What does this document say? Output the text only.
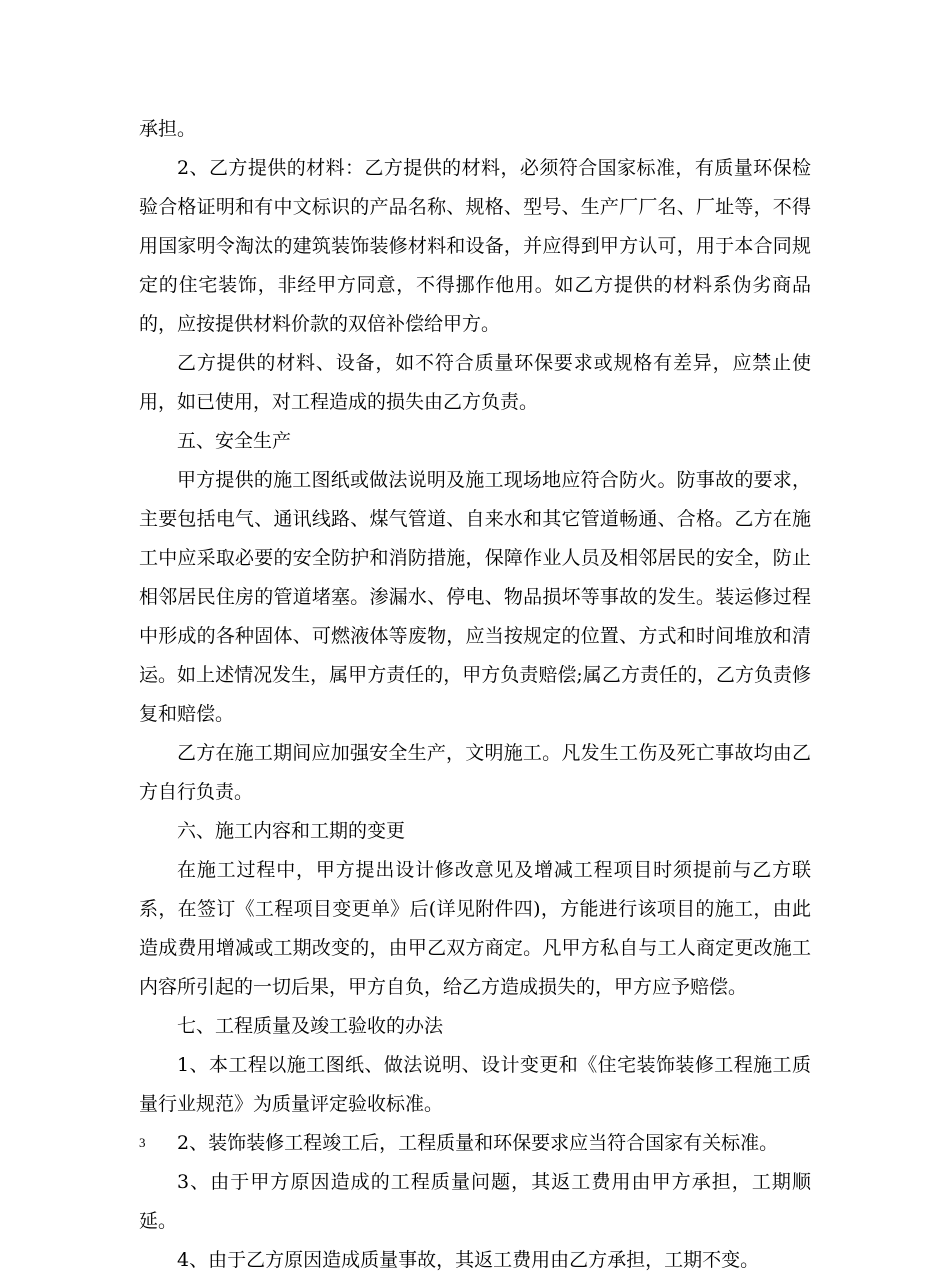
承担。

2、乙方提供的材料：乙方提供的材料，必须符合国家标准，有质量环保检验合格证明和有中文标识的产品名称、规格、型号、生产厂厂名、厂址等，不得用国家明令淘汰的建筑装饰装修材料和设备，并应得到甲方认可，用于本合同规定的住宅装饰，非经甲方同意，不得挪作他用。如乙方提供的材料系伪劣商品的，应按提供材料价款的双倍补偿给甲方。

乙方提供的材料、设备，如不符合质量环保要求或规格有差异，应禁止使用，如已使用，对工程造成的损失由乙方负责。

五、安全生产

甲方提供的施工图纸或做法说明及施工现场地应符合防火。防事故的要求，主要包括电气、通讯线路、煤气管道、自来水和其它管道畅通、合格。乙方在施工中应采取必要的安全防护和消防措施，保障作业人员及相邻居民的安全，防止相邻居民住房的管道堵塞。渗漏水、停电、物品损坏等事故的发生。装运修过程中形成的各种固体、可燃液体等废物，应当按规定的位置、方式和时间堆放和清运。如上述情况发生，属甲方责任的，甲方负责赔偿;属乙方责任的，乙方负责修复和赔偿。

乙方在施工期间应加强安全生产，文明施工。凡发生工伤及死亡事故均由乙方自行负责。

六、施工内容和工期的变更

在施工过程中，甲方提出设计修改意见及增减工程项目时须提前与乙方联系，在签订《工程项目变更单》后(详见附件四)，方能进行该项目的施工，由此造成费用增减或工期改变的，由甲乙双方商定。凡甲方私自与工人商定更改施工内容所引起的一切后果，甲方自负，给乙方造成损失的，甲方应予赔偿。

七、工程质量及竣工验收的办法

1、本工程以施工图纸、做法说明、设计变更和《住宅装饰装修工程施工质量行业规范》为质量评定验收标准。

2、装饰装修工程竣工后，工程质量和环保要求应当符合国家有关标准。

3、由于甲方原因造成的工程质量问题，其返工费用由甲方承担，工期顺延。

4、由于乙方原因造成质量事故，其返工费用由乙方承担，工期不变。

3
